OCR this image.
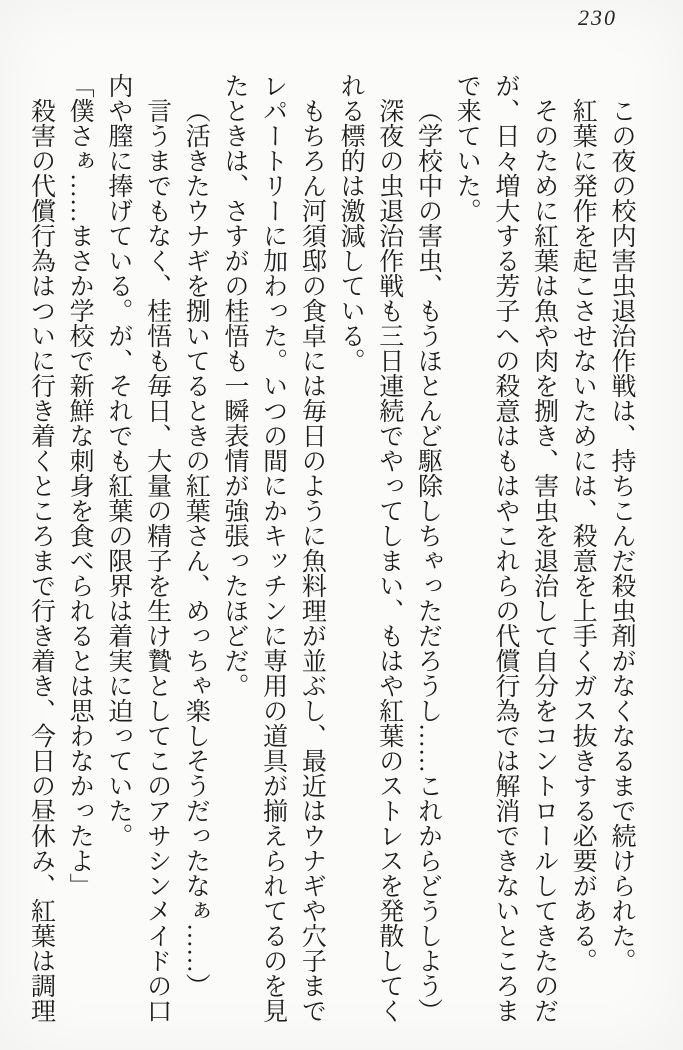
230

この夜の校内害虫退治作戦は、持ちこんだ殺虫剤がなくなるまで続けられた。

紅葉に発作を起こさせないためには、殺意を上手くガス抜きする必要がある。

そのために紅葉は魚や肉を捌き、害虫を退治して自分をコントロールしてきたのだが、日々増大する芳子への殺意はもはやこれらの代償行為では解消できないところまで来ていた。

（学校中の害虫、もうほとんど駆除しちゃっただろうし……これからどうしよう）

深夜の虫退治作戦も三日連続でやってしまい、もはや紅葉のストレスを発散してくれる標的は激減している。

もちろん河須邸の食卓には毎日のように魚料理が並ぶし、最近はウナギや穴子までレパートリーに加わった。いつの間にかキッチンに専用の道具が揃えられてるのを見たときは、さすがの桂悟も一瞬表情が強張ったほどだ。

（活きたウナギを捌いてるときの紅葉さん、めっちゃ楽しそうだったなぁ……）

言うまでもなく、桂悟も毎日、大量の精子を生け贄としてこのアサシンメイドの口内や膣に捧げている。が、それでも紅葉の限界は着実に迫っていた。

「僕さぁ……まさか学校で新鮮な刺身を食べられるとは思わなかったよ」

殺害の代償行為はついに行き着くところまで行き着き、今日の昼休み、紅葉は調理
